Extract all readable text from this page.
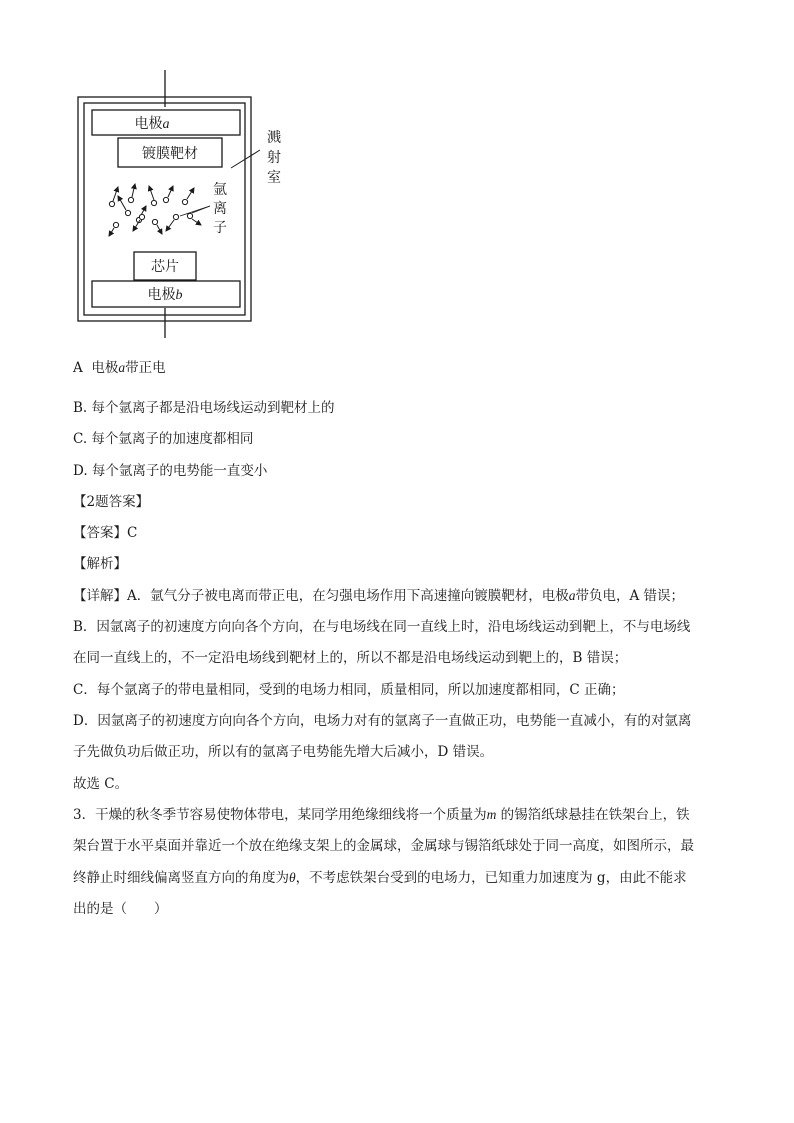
电极a
镀膜靶材
溅
射
室
氩
离
子
芯片
电极b
A 电极a带正电
B. 每个氩离子都是沿电场线运动到靶材上的
C. 每个氩离子的加速度都相同
D. 每个氩离子的电势能一直变小
【2题答案】
【答案】C
【解析】
【详解】A．氩气分子被电离而带正电，在匀强电场作用下高速撞向镀膜靶材，电极a带负电，A 错误；
B．因氩离子的初速度方向向各个方向，在与电场线在同一直线上时，沿电场线运动到靶上，不与电场线
在同一直线上的，不一定沿电场线到靶材上的，所以不都是沿电场线运动到靶上的，B 错误；
C．每个氩离子的带电量相同，受到的电场力相同，质量相同，所以加速度都相同，C 正确；
D．因氩离子的初速度方向向各个方向，电场力对有的氩离子一直做正功，电势能一直减小，有的对氩离
子先做负功后做正功，所以有的氩离子电势能先增大后减小，D 错误。
故选 C。
3．干燥的秋冬季节容易使物体带电，某同学用绝缘细线将一个质量为m 的锡箔纸球悬挂在铁架台上，铁
架台置于水平桌面并靠近一个放在绝缘支架上的金属球，金属球与锡箔纸球处于同一高度，如图所示，最
终静止时细线偏离竖直方向的角度为θ，不考虑铁架台受到的电场力，已知重力加速度为 g，由此不能求
出的是（　　）
